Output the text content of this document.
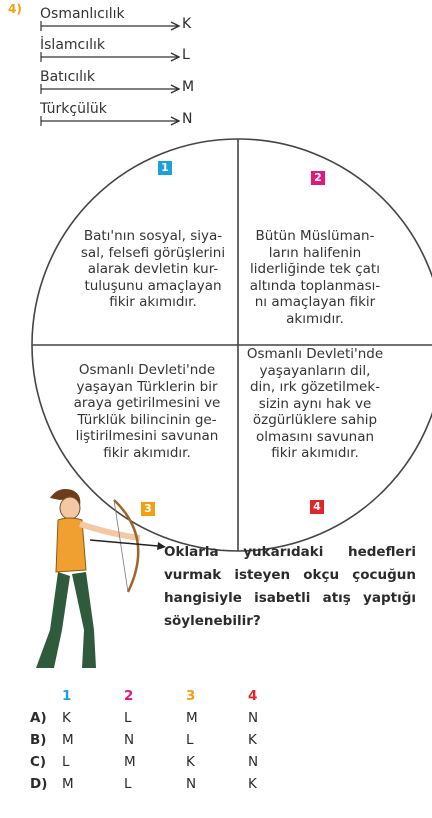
4) Osmanlıcılık
K
İslamcılık
L
Batıcılık
M
Türkçülük
N
1
2
3	4
Batı'nın sosyal, siya-
sal, felsefi görüşlerini
alarak devletin kur-
tuluşunu amaçlayan
fikir akımıdır.
Bütün Müslüman-
ların halifenin
liderliğinde tek çatı
altında toplanması-
nı amaçlayan fikir
akımıdır.
Osmanlı Devleti'nde
yaşayan Türklerin bir
araya getirilmesini ve
Türklük bilincinin ge-
liştirilmesini savunan
fikir akımıdır.
Osmanlı Devleti'nde
yaşayanların dil,
din, ırk gözetilmek-
sizin aynı hak ve
özgürlüklere sahip
olmasını savunan
fikir akımıdır.
Oklarla yukarıdaki hedefleri vurmak isteyen okçu çocuğun hangisiyle isabetli atış yaptığı söylenebilir?
	1	2	3	4
A)	K	L	M	N
B)	M	N	L	K
C)	L	M	K	N
D)	M	L	N	K
